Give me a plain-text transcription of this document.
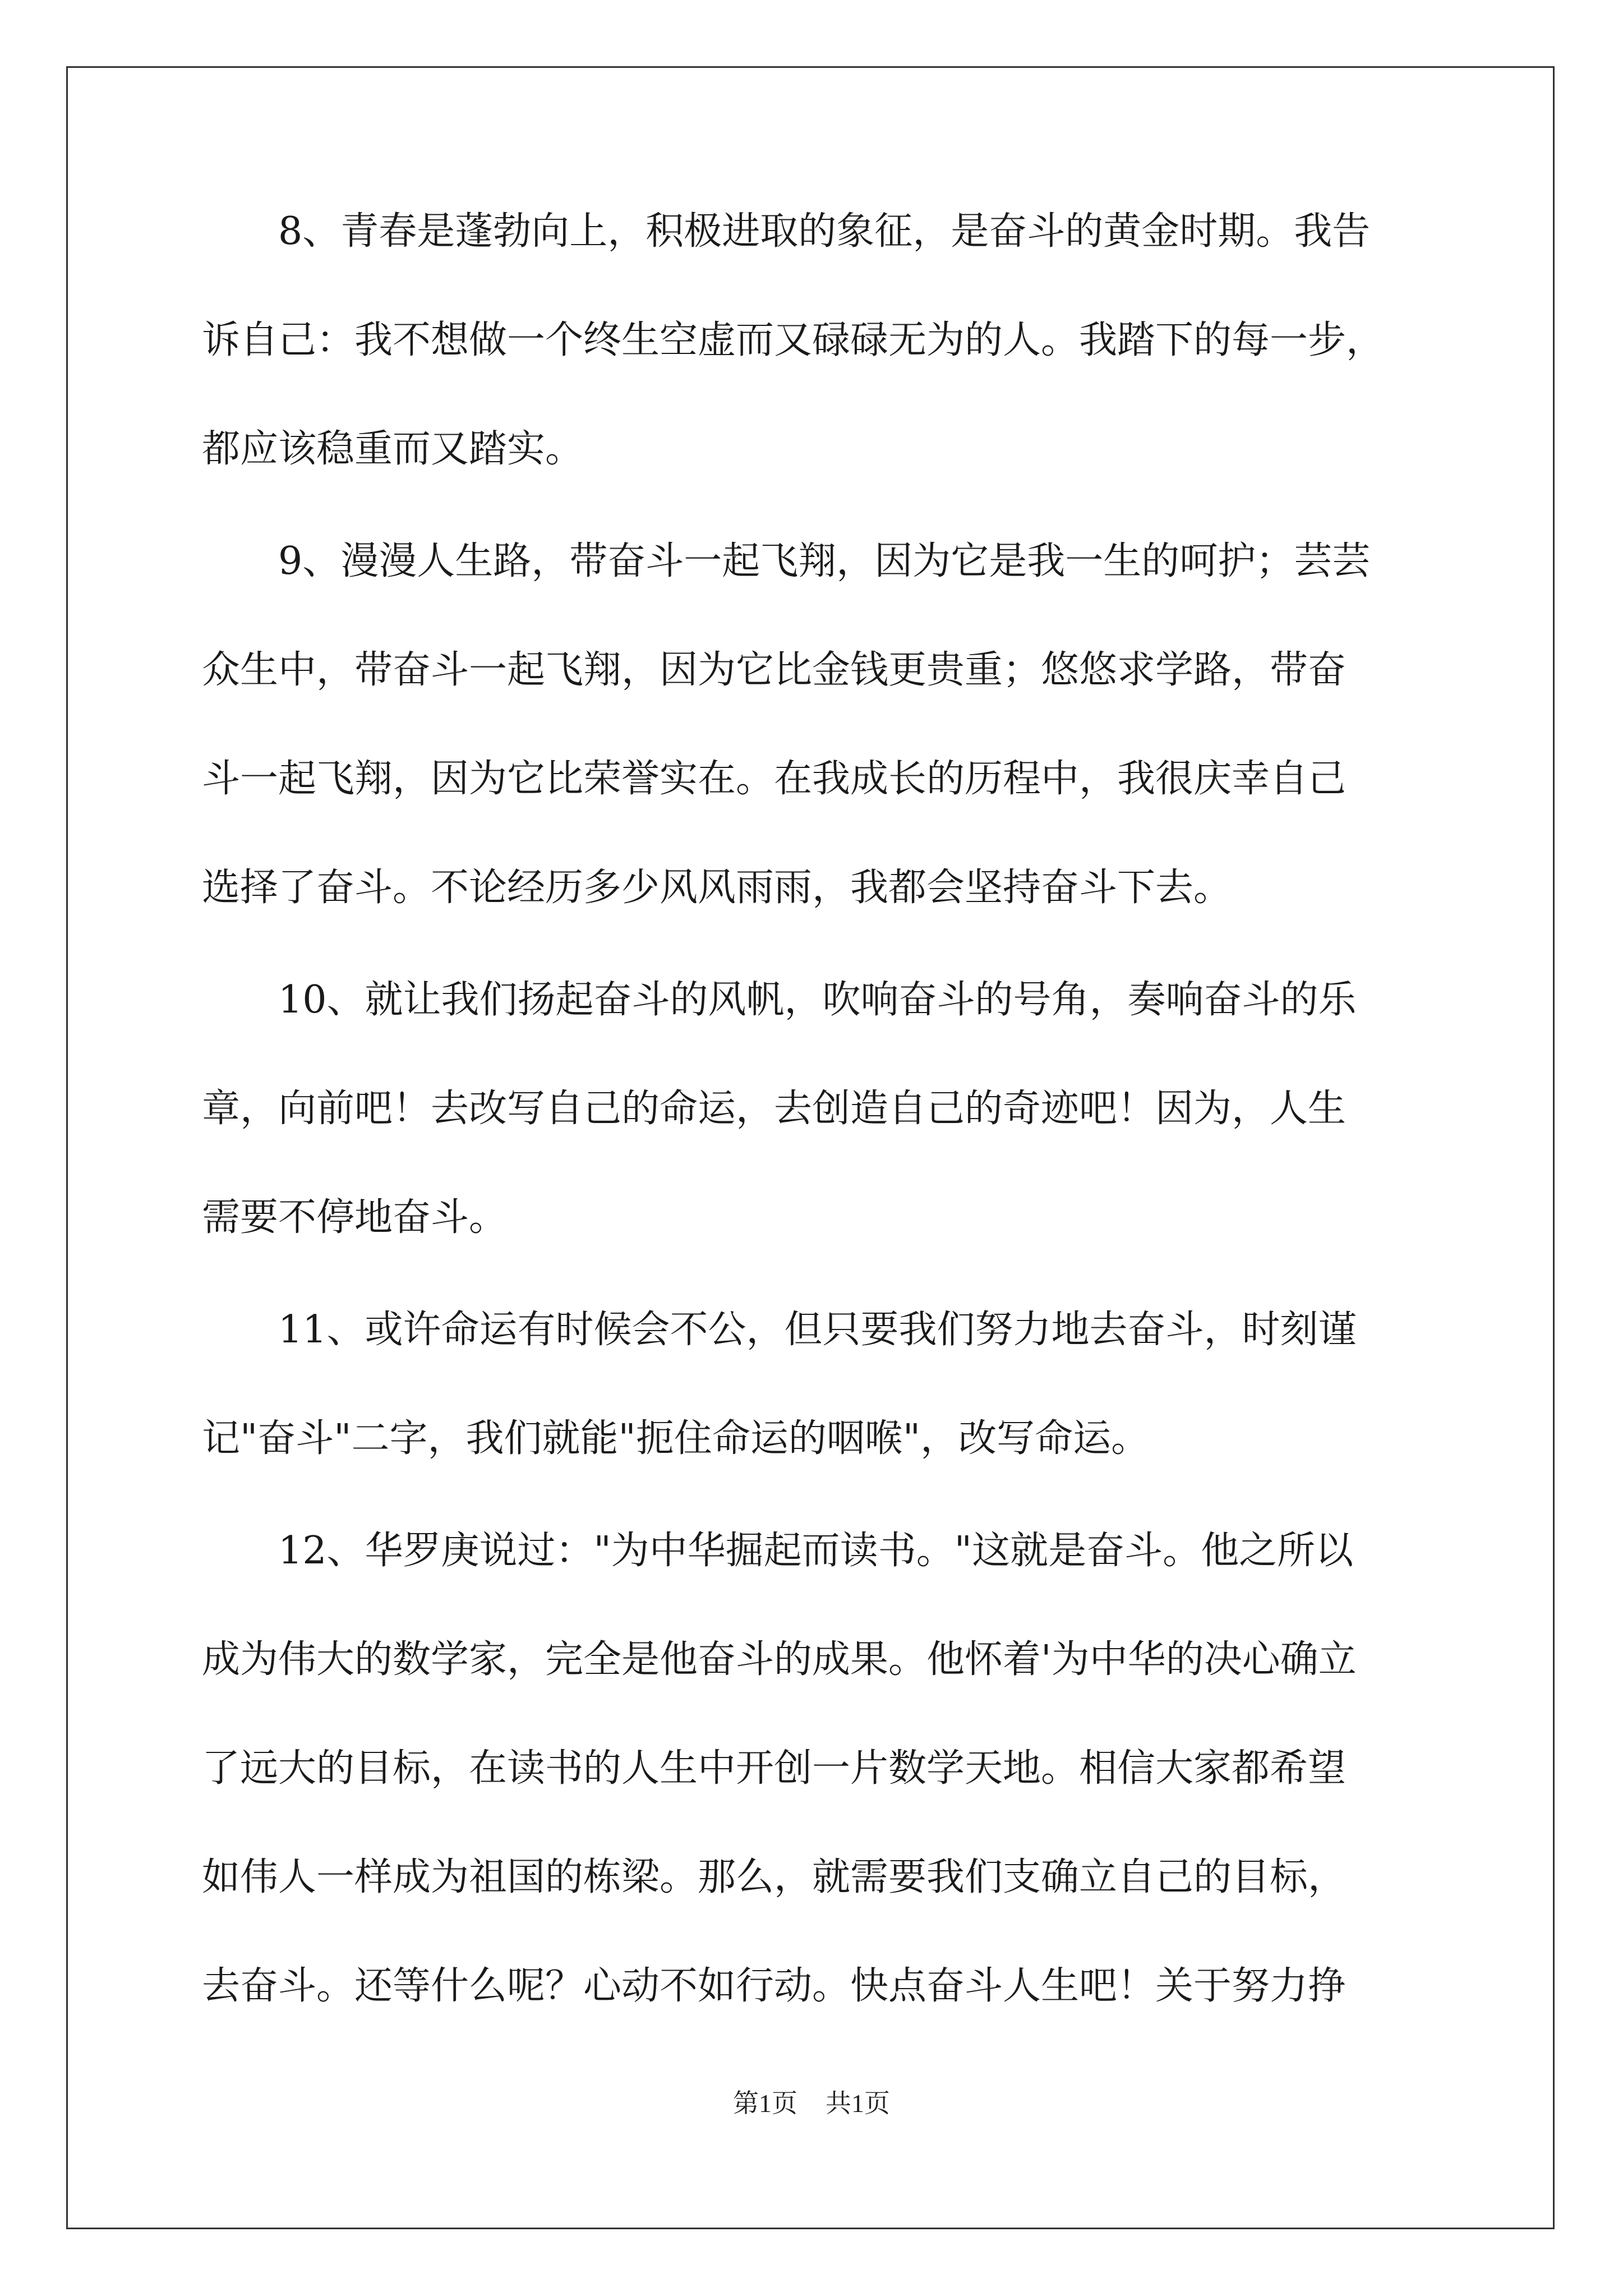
　　8、青春是蓬勃向上，积极进取的象征，是奋斗的黄金时期。我告
诉自己：我不想做一个终生空虚而又碌碌无为的人。我踏下的每一步，
都应该稳重而又踏实。
　　9、漫漫人生路，带奋斗一起飞翔，因为它是我一生的呵护；芸芸
众生中，带奋斗一起飞翔，因为它比金钱更贵重；悠悠求学路，带奋
斗一起飞翔，因为它比荣誉实在。在我成长的历程中，我很庆幸自己
选择了奋斗。不论经历多少风风雨雨，我都会坚持奋斗下去。
　　10、就让我们扬起奋斗的风帆，吹响奋斗的号角，奏响奋斗的乐
章，向前吧！去改写自己的命运，去创造自己的奇迹吧！因为，人生
需要不停地奋斗。
　　11、或许命运有时候会不公，但只要我们努力地去奋斗，时刻谨
记"奋斗"二字，我们就能"扼住命运的咽喉"，改写命运。
　　12、华罗庚说过："为中华掘起而读书。"这就是奋斗。他之所以
成为伟大的数学家，完全是他奋斗的成果。他怀着'为中华的决心确立
了远大的目标，在读书的人生中开创一片数学天地。相信大家都希望
如伟人一样成为祖国的栋梁。那么，就需要我们支确立自己的目标，
去奋斗。还等什么呢？心动不如行动。快点奋斗人生吧！关于努力挣
第1页 共1页
